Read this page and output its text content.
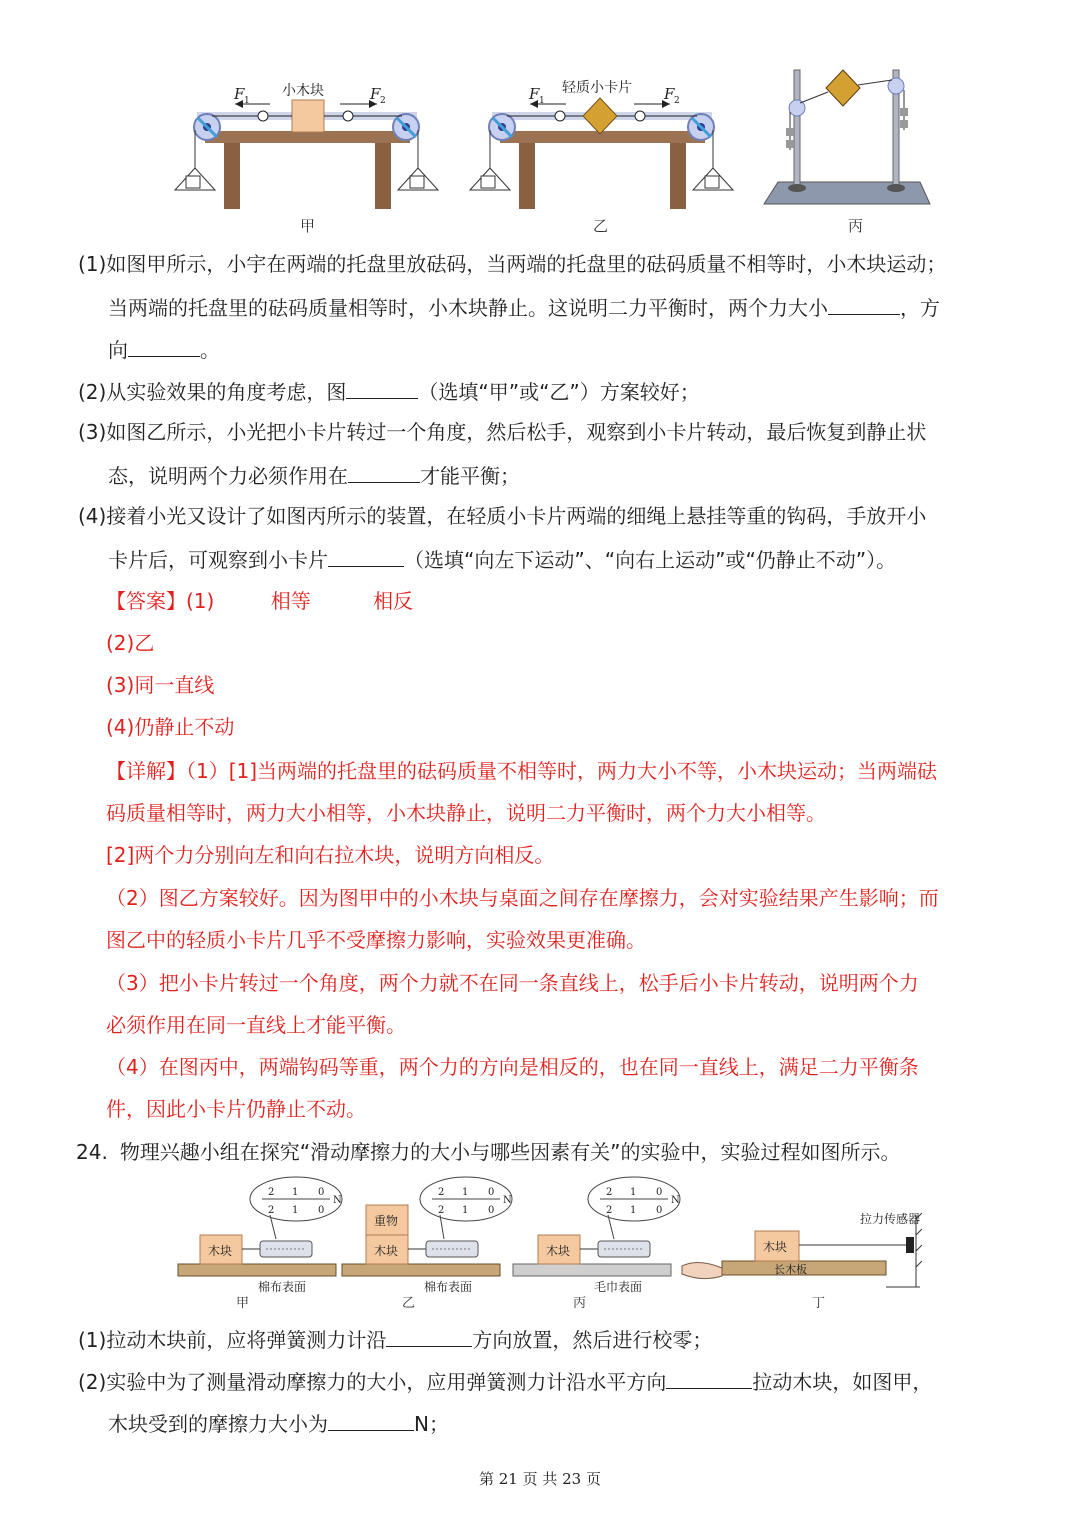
小木块
F 1	F 2
轻质小卡片
F 1	F 2
甲	乙	丙
(1)如图甲所示，小宇在两端的托盘里放砝码，当两端的托盘里的砝码质量不相等时，小木块运动；
当两端的托盘里的砝码质量相等时，小木块静止。这说明二力平衡时，两个力大小	，方
向	。
(2)从实验效果的角度考虑，图	（选填“甲”或“乙”）方案较好；
(3)如图乙所示，小光把小卡片转过一个角度，然后松手，观察到小卡片转动，最后恢复到静止状
态，说明两个力必须作用在	才能平衡；
(4)接着小光又设计了如图丙所示的装置，在轻质小卡片两端的细绳上悬挂等重的钩码，手放开小
卡片后，可观察到小卡片	（选填“向左下运动”、“向右上运动”或“仍静止不动”）。
【答案】(1)	相等	相反
(2)乙
(3)同一直线
(4)仍静止不动
【详解】（1）[1]当两端的托盘里的砝码质量不相等时，两力大小不等，小木块运动；当两端砝
码质量相等时，两力大小相等，小木块静止，说明二力平衡时，两个力大小相等。
[2]两个力分别向左和向右拉木块，说明方向相反。
（2）图乙方案较好。因为图甲中的小木块与桌面之间存在摩擦力，会对实验结果产生影响；而
图乙中的轻质小卡片几乎不受摩擦力影响，实验效果更准确。
（3）把小卡片转过一个角度，两个力就不在同一条直线上，松手后小卡片转动，说明两个力
必须作用在同一直线上才能平衡。
（4）在图丙中，两端钩码等重，两个力的方向是相反的，也在同一直线上，满足二力平衡条
件，因此小卡片仍静止不动。
24. 物理兴趣小组在探究“滑动摩擦力的大小与哪些因素有关”的实验中，实验过程如图所示。
木块
重物
木块	木块	木块
长木板
拉力传感器
棉布表面	棉布表面	毛巾表面
N
2 1 0
2 1 0
N
2 1 0
2 1 0
N
2 1 0
2 1 0
甲	乙	丙	丁
(1)拉动木块前，应将弹簧测力计沿	方向放置，然后进行校零；
(2)实验中为了测量滑动摩擦力的大小，应用弹簧测力计沿水平方向	拉动木块，如图甲，
木块受到的摩擦力大小为	N；
第 21 页 共 23 页
